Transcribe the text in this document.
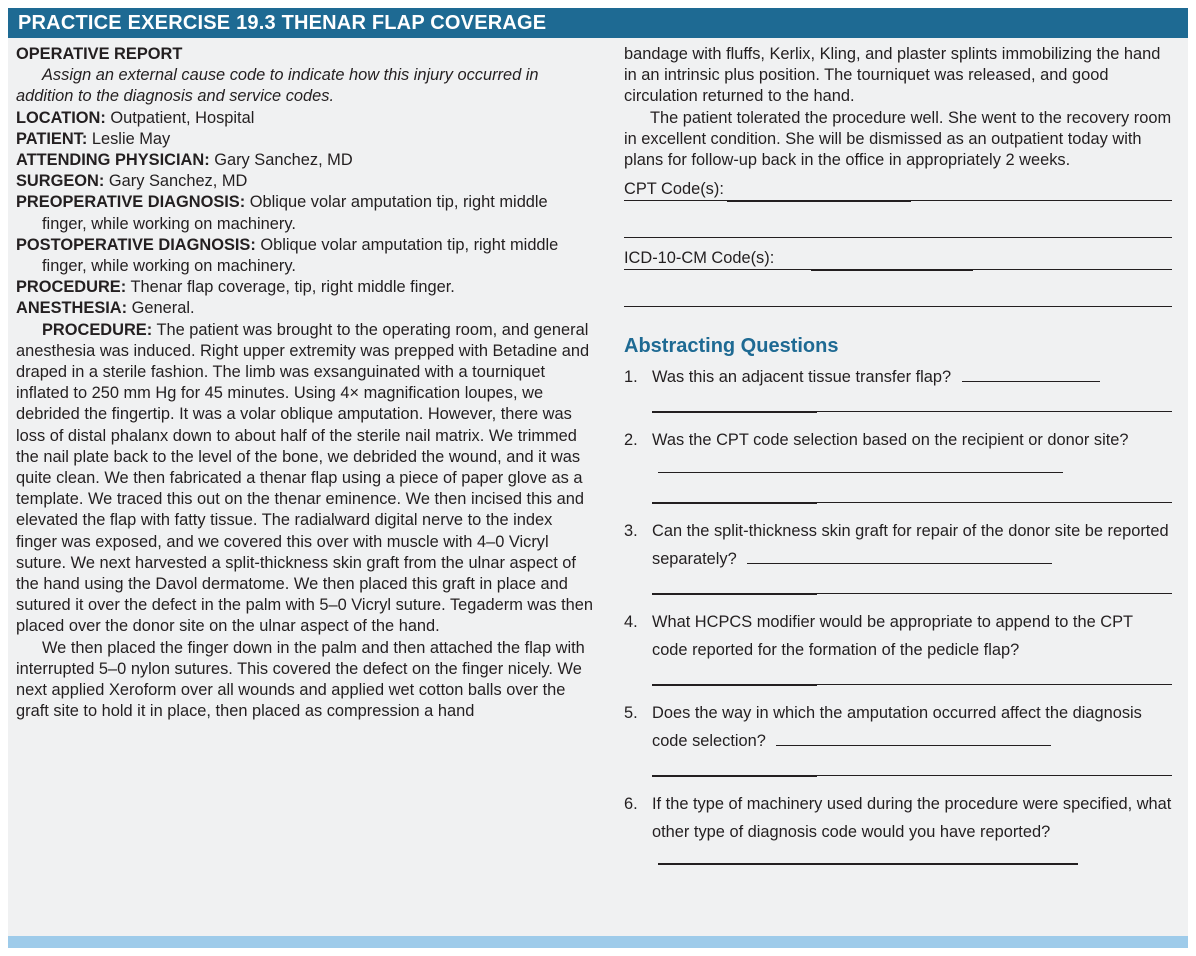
PRACTICE EXERCISE 19.3 THENAR FLAP COVERAGE

OPERATIVE REPORT

Assign an external cause code to indicate how this injury occurred in addition to the diagnosis and service codes.

LOCATION: Outpatient, Hospital

PATIENT: Leslie May

ATTENDING PHYSICIAN: Gary Sanchez, MD

SURGEON: Gary Sanchez, MD

PREOPERATIVE DIAGNOSIS: Oblique volar amputation tip, right middle finger, while working on machinery.

POSTOPERATIVE DIAGNOSIS: Oblique volar amputation tip, right middle finger, while working on machinery.

PROCEDURE: Thenar flap coverage, tip, right middle finger.

ANESTHESIA: General.

PROCEDURE: The patient was brought to the operating room, and general anesthesia was induced. Right upper extremity was prepped with Betadine and draped in a sterile fashion. The limb was exsanguinated with a tourniquet inflated to 250 mm Hg for 45 minutes. Using 4× magnification loupes, we debrided the fingertip. It was a volar oblique amputation. However, there was loss of distal phalanx down to about half of the sterile nail matrix. We trimmed the nail plate back to the level of the bone, we debrided the wound, and it was quite clean. We then fabricated a thenar flap using a piece of paper glove as a template. We traced this out on the thenar eminence. We then incised this and elevated the flap with fatty tissue. The radialward digital nerve to the index finger was exposed, and we covered this over with muscle with 4–0 Vicryl suture. We next harvested a split-thickness skin graft from the ulnar aspect of the hand using the Davol dermatome. We then placed this graft in place and sutured it over the defect in the palm with 5–0 Vicryl suture. Tegaderm was then placed over the donor site on the ulnar aspect of the hand.

We then placed the finger down in the palm and then attached the flap with interrupted 5–0 nylon sutures. This covered the defect on the finger nicely. We next applied Xeroform over all wounds and applied wet cotton balls over the graft site to hold it in place, then placed as compression a hand

bandage with fluffs, Kerlix, Kling, and plaster splints immobilizing the hand in an intrinsic plus position. The tourniquet was released, and good circulation returned to the hand.

The patient tolerated the procedure well. She went to the recovery room in excellent condition. She will be dismissed as an outpatient today with plans for follow-up back in the office in appropriately 2 weeks.

CPT Code(s):
ICD-10-CM Code(s):
Abstracting Questions
1. Was this an adjacent tissue transfer flap?
2. Was the CPT code selection based on the recipient or donor site?
3. Can the split-thickness skin graft for repair of the donor site be reported separately?
4. What HCPCS modifier would be appropriate to append to the CPT code reported for the formation of the pedicle flap?
5. Does the way in which the amputation occurred affect the diagnosis code selection?
6. If the type of machinery used during the procedure were specified, what other type of diagnosis code would you have reported?
